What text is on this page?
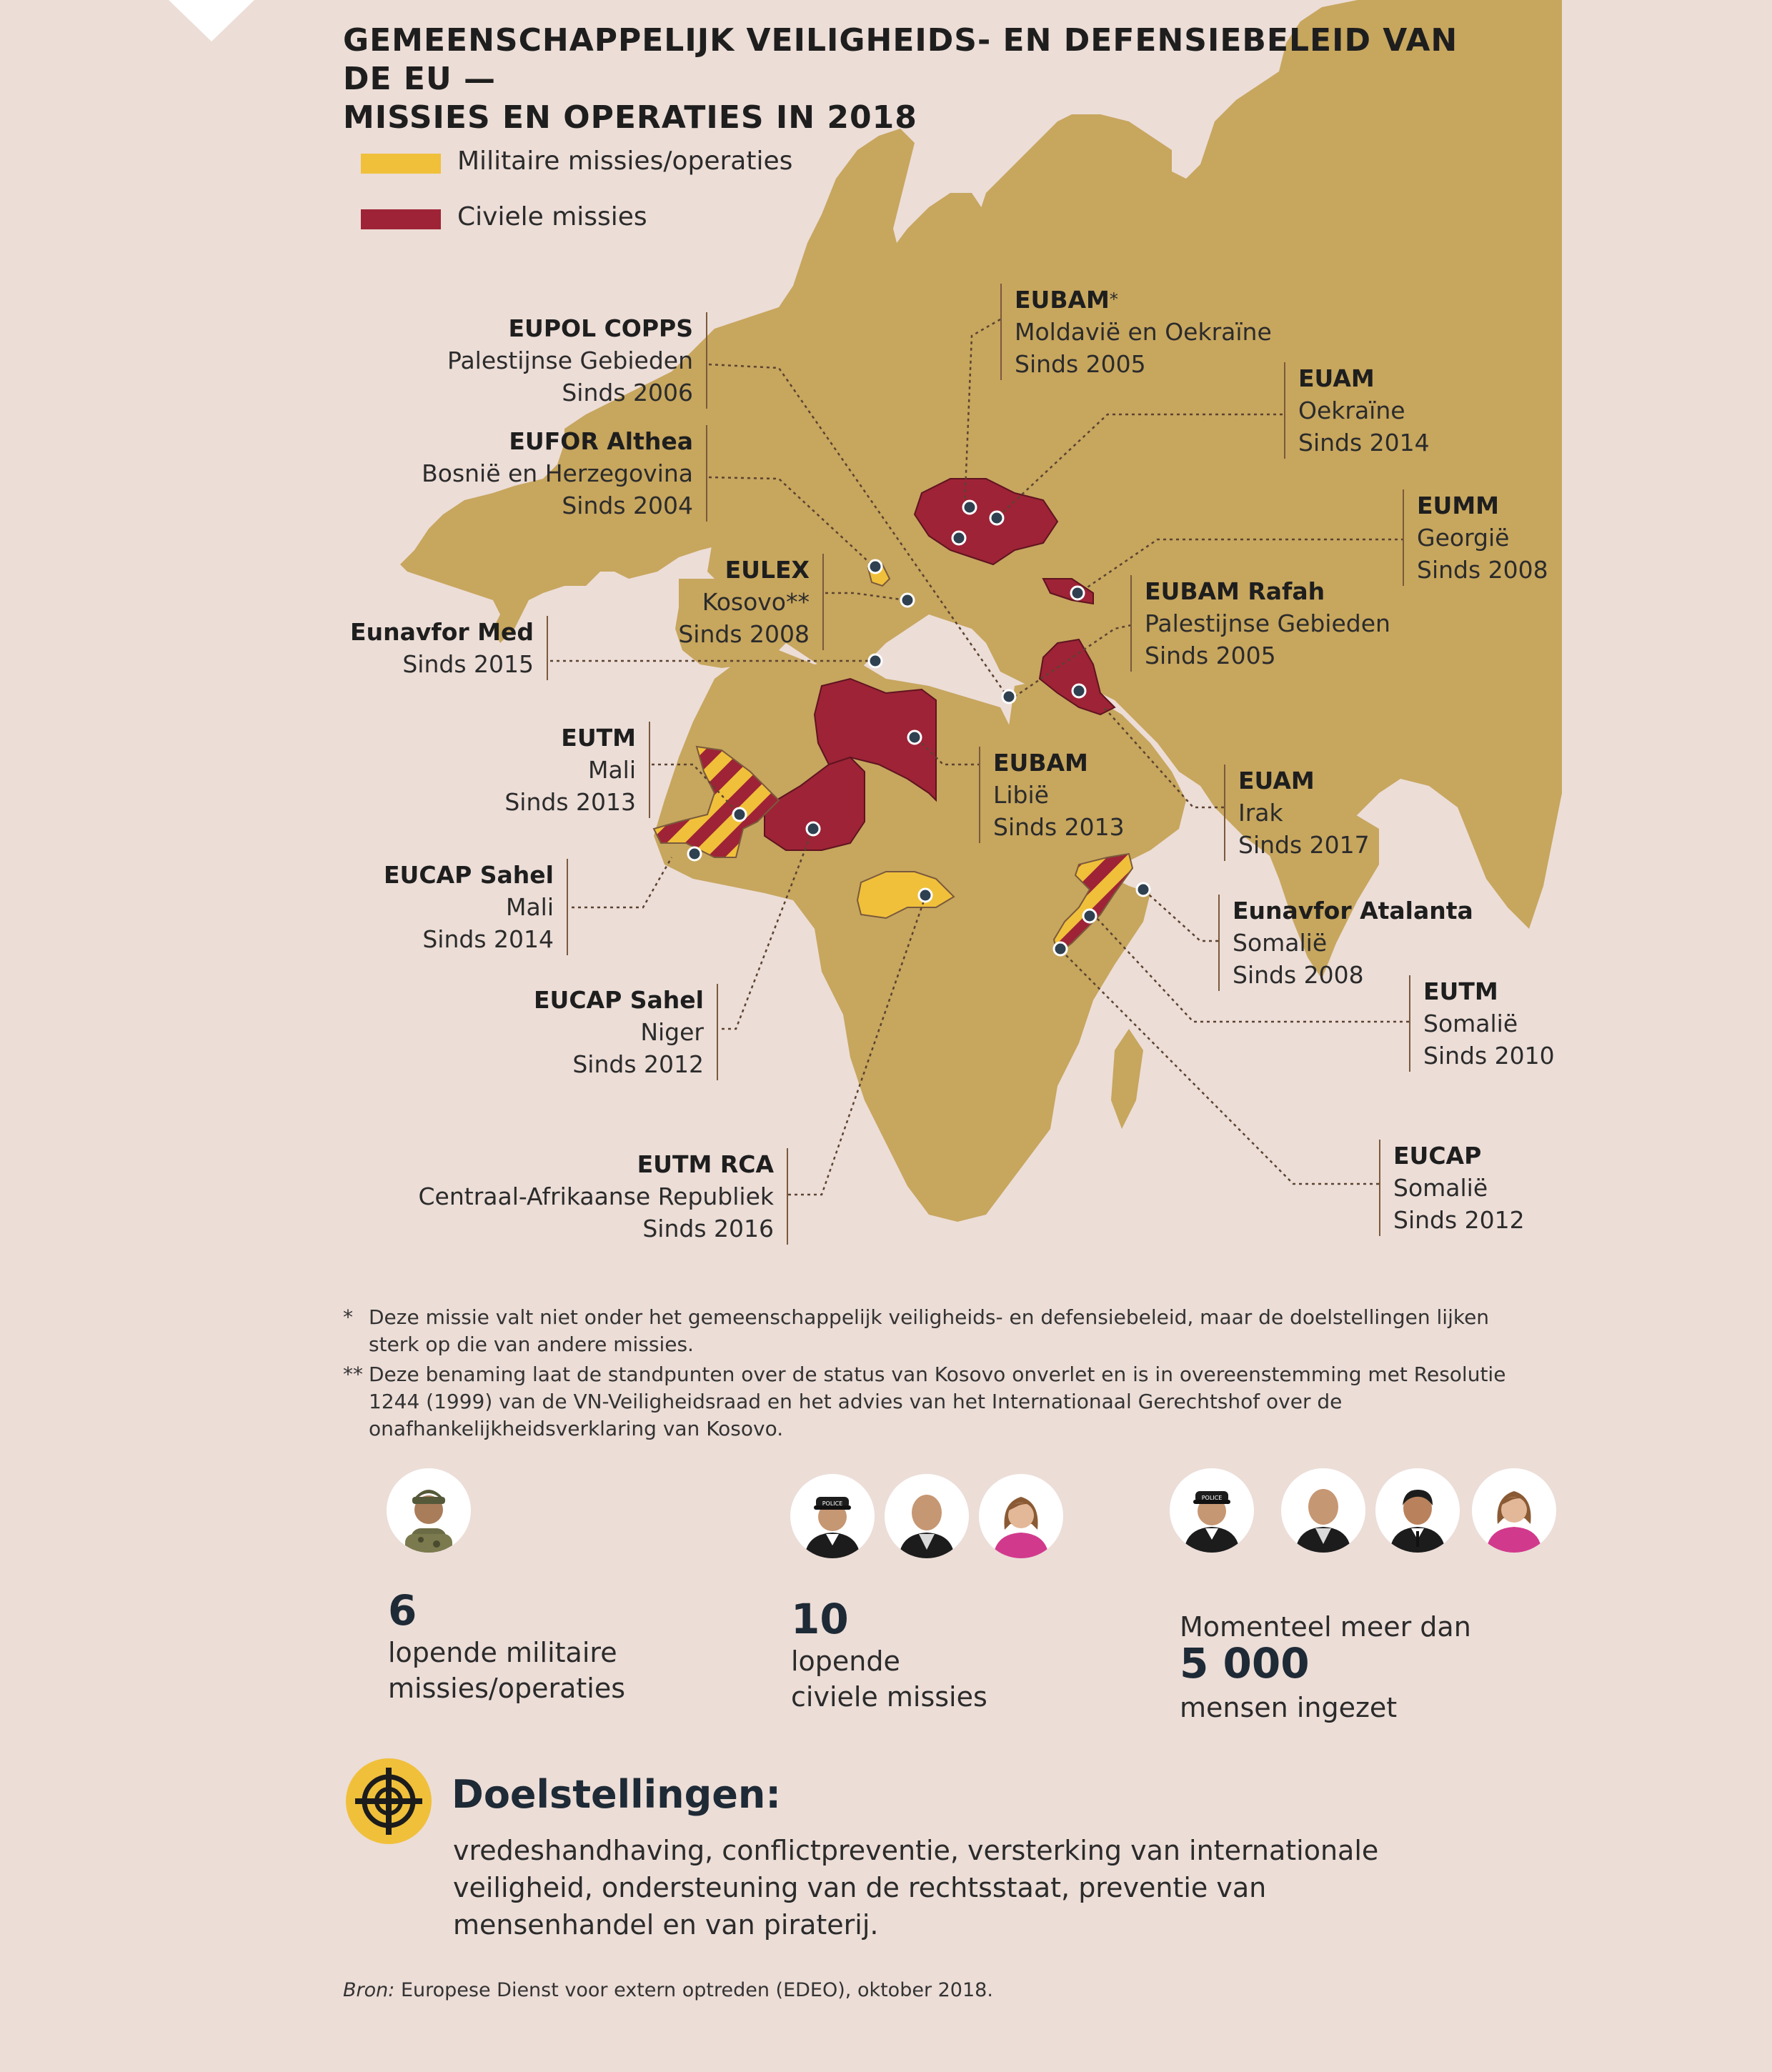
GEMEENSCHAPPELIJK VEILIGHEIDS- EN DEFENSIEBELEID VAN DE EU —
MISSIES EN OPERATIES IN 2018
Militaire missies/operaties
Civiele missies
EUPOL COPPS
Palestijnse Gebieden
Sinds 2006
EUFOR Althea
Bosnië en Herzegovina
Sinds 2004
EULEX
Kosovo**
Sinds 2008
Eunavfor Med
Sinds 2015
EUTM
Mali
Sinds 2013
EUCAP Sahel
Mali
Sinds 2014
EUCAP Sahel
Niger
Sinds 2012
EUTM RCA
Centraal-Afrikaanse Republiek
Sinds 2016
EUBAM*
Moldavië en Oekraïne
Sinds 2005
EUAM
Oekraïne
Sinds 2014
EUMM
Georgië
Sinds 2008
EUBAM Rafah
Palestijnse Gebieden
Sinds 2005
EUBAM
Libië
Sinds 2013
EUAM
Irak
Sinds 2017
Eunavfor Atalanta
Somalië
Sinds 2008
EUTM
Somalië
Sinds 2010
EUCAP
Somalië
Sinds 2012
* Deze missie valt niet onder het gemeenschappelijk veiligheids- en defensiebeleid, maar de doelstellingen lijken sterk op die van andere missies.
** Deze benaming laat de standpunten over de status van Kosovo onverlet en is in overeenstemming met Resolutie 1244 (1999) van de VN-Veiligheidsraad en het advies van het Internationaal Gerechtshof over de onafhankelijkheidsverklaring van Kosovo.
POLICE
POLICE
6
lopende militaire
missies/operaties
10
lopende
civiele missies
Momenteel meer dan
5 000
mensen ingezet
Doelstellingen:
vredeshandhaving, conflictpreventie, versterking van internationale veiligheid, ondersteuning van de rechtsstaat, preventie van mensenhandel en van piraterij.
Bron: Europese Dienst voor extern optreden (EDEO), oktober 2018.
